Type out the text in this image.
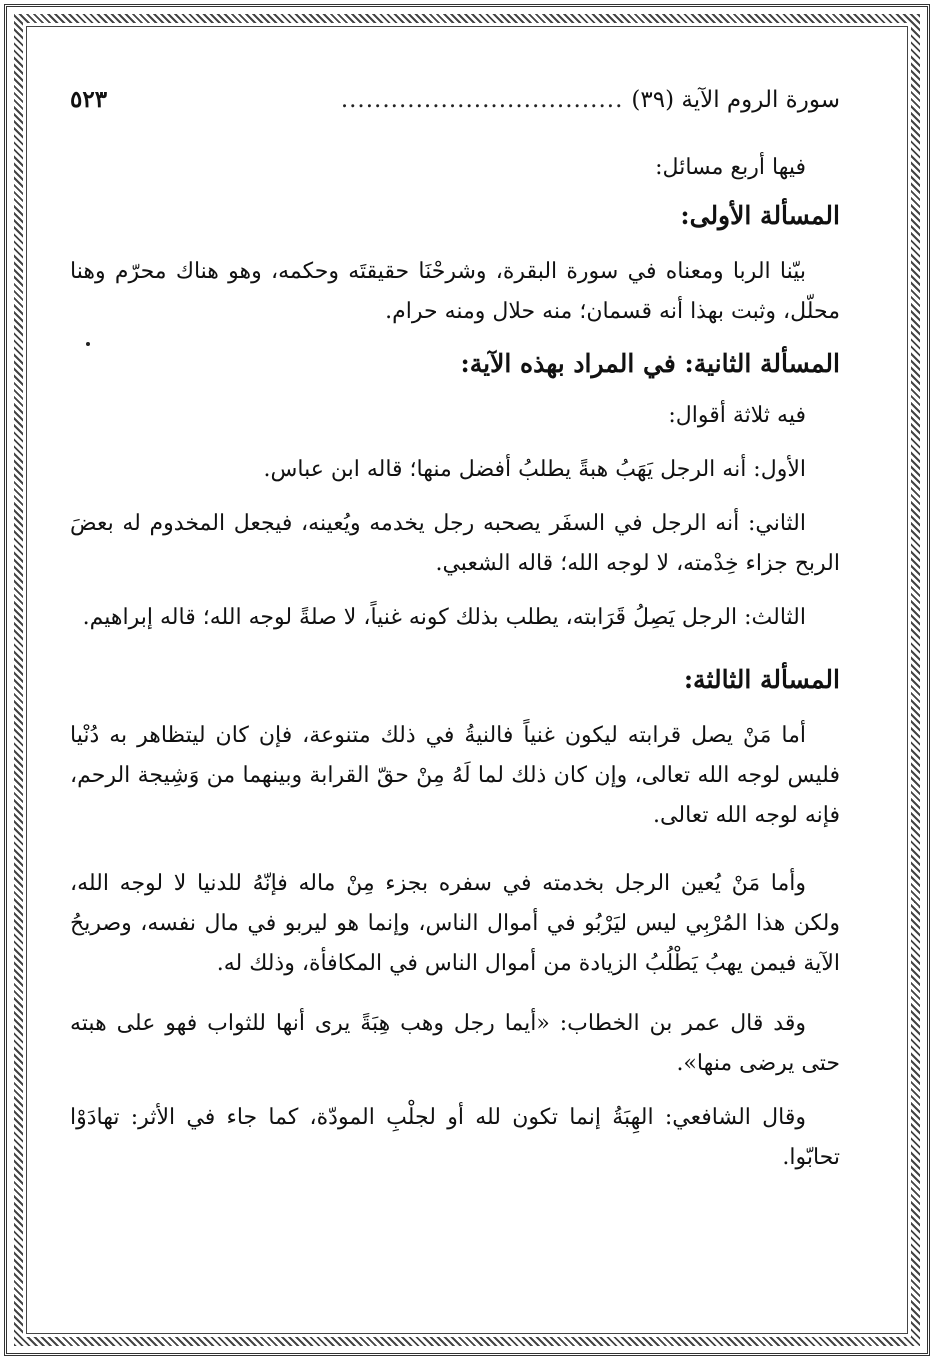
سورة الروم الآية (٣٩)
..................................
٥٢٣

فيها أربع مسائل:

المسألة الأولى:

بيّنا الربا ومعناه في سورة البقرة، وشرحْنَا حقيقتَه وحكمه، وهو هناك محرّم وهنا محلّل، وثبت بهذا أنه قسمان؛ منه حلال ومنه حرام.

المسألة الثانية: في المراد بهذه الآية:

فيه ثلاثة أقوال:

الأول: أنه الرجل يَهَبُ هبةً يطلبُ أفضل منها؛ قاله ابن عباس.

الثاني: أنه الرجل في السفَر يصحبه رجل يخدمه ويُعينه، فيجعل المخدوم له بعضَ الربح جزاء خِدْمته، لا لوجه الله؛ قاله الشعبي.

الثالث: الرجل يَصِلُ قَرَابته، يطلب بذلك كونه غنياً، لا صلةً لوجه الله؛ قاله إبراهيم.

المسألة الثالثة:

أما مَنْ يصل قرابته ليكون غنياً فالنيةُ في ذلك متنوعة، فإن كان ليتظاهر به دُنْيا فليس لوجه الله تعالى، وإن كان ذلك لما لَهُ مِنْ حقّ القرابة وبينهما من وَشِيجة الرحم، فإنه لوجه الله تعالى.

وأما مَنْ يُعين الرجل بخدمته في سفره بجزء مِنْ ماله فإنّهُ للدنيا لا لوجه الله، ولكن هذا المُرْبِي ليس ليَرْبُو في أموال الناس، وإنما هو ليربو في مال نفسه، وصريحُ الآية فيمن يهبُ يَطْلُبُ الزيادة من أموال الناس في المكافأة، وذلك له.

وقد قال عمر بن الخطاب: «أيما رجل وهب هِبَةً يرى أنها للثواب فهو على هبته حتى يرضى منها».

وقال الشافعي: الهِبَةُ إنما تكون لله أو لجلْبِ المودّة، كما جاء في الأثر: تهادَوْا تحابّوا.
